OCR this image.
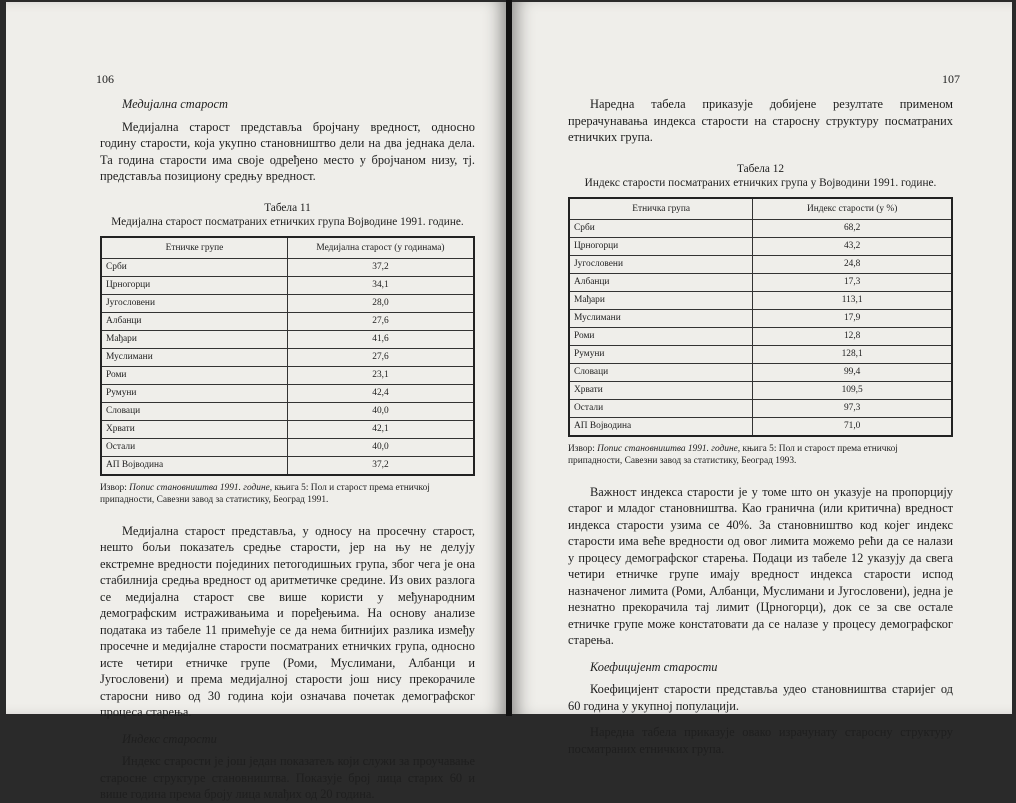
106
Медијална старост

Медијална старост представља бројчану вредност, односно годину старости, која укупно становништво дели на два једнака дела. Та година старости има своје одређено место у бројчаном низу, тј. представља позициону средњу вредност.

Табела 11
Медијална старост посматраних етничких група Војводине 1991. године.
Етничке групе	Медијална старост (у годинама)
Срби	37,2
Црногорци	34,1
Југословени	28,0
Албанци	27,6
Мађари	41,6
Муслимани	27,6
Роми	23,1
Румуни	42,4
Словаци	40,0
Хрвати	42,1
Остали	40,0
АП Војводина	37,2
Извор: Попис становништва 1991. године, књига 5: Пол и старост према етничкој припадности, Савезни завод за статистику, Београд 1991.

Медијална старост представља, у односу на просечну старост, нешто бољи показатељ средње старости, јер на њу не делују екстремне вредности појединих петогодишњих група, због чега је она стабилнија средња вредност од аритметичке средине. Из ових разлога се медијална старост све више користи у међународним демографским истраживањима и поређењима. На основу анализе података из табеле 11 примећује се да нема битнијих разлика између просечне и медијалне старости посматраних етничких група, односно исте четири етничке групе (Роми, Муслимани, Албанци и Југословени) и према медијалној старости још нису прекорачиле старосни ниво од 30 година који означава почетак демографског процеса старења.

Индекс старости

Индекс старости је још један показатељ који служи за проучавање старосне структуре становништва. Показује број лица старих 60 и више година према броју лица млађих од 20 година.

107

Наредна табела приказује добијене резултате применом прерачунавања индекса старости на старосну структуру посматраних етничких група.

Табела 12
Индекс старости посматраних етничких група у Војводини 1991. године.
Етничка група	Индекс старости (у %)
Срби	68,2
Црногорци	43,2
Југословени	24,8
Албанци	17,3
Мађари	113,1
Муслимани	17,9
Роми	12,8
Румуни	128,1
Словаци	99,4
Хрвати	109,5
Остали	97,3
АП Војводина	71,0
Извор: Попис становништва 1991. године, књига 5: Пол и старост према етничкој припадности, Савезни завод за статистику, Београд 1993.

Важност индекса старости је у томе што он указује на пропорцију старог и младог становништва. Као гранична (или критична) вредност индекса старости узима се 40%. За становништво код којег индекс старости има веће вредности од овог лимита можемо рећи да се налази у процесу демографског старења. Подаци из табеле 12 указују да свега четири етничке групе имају вредност индекса старости испод назначеног лимита (Роми, Албанци, Муслимани и Југословени), једна је незнатно прекорачила тај лимит (Црногорци), док се за све остале етничке групе може констатовати да се налазе у процесу демографског старења.

Коефицијент старости

Коефицијент старости представља удео становништва старијег од 60 година у укупној популацији.

Наредна табела приказује овако израчунату старосну структуру посматраних етничких група.
